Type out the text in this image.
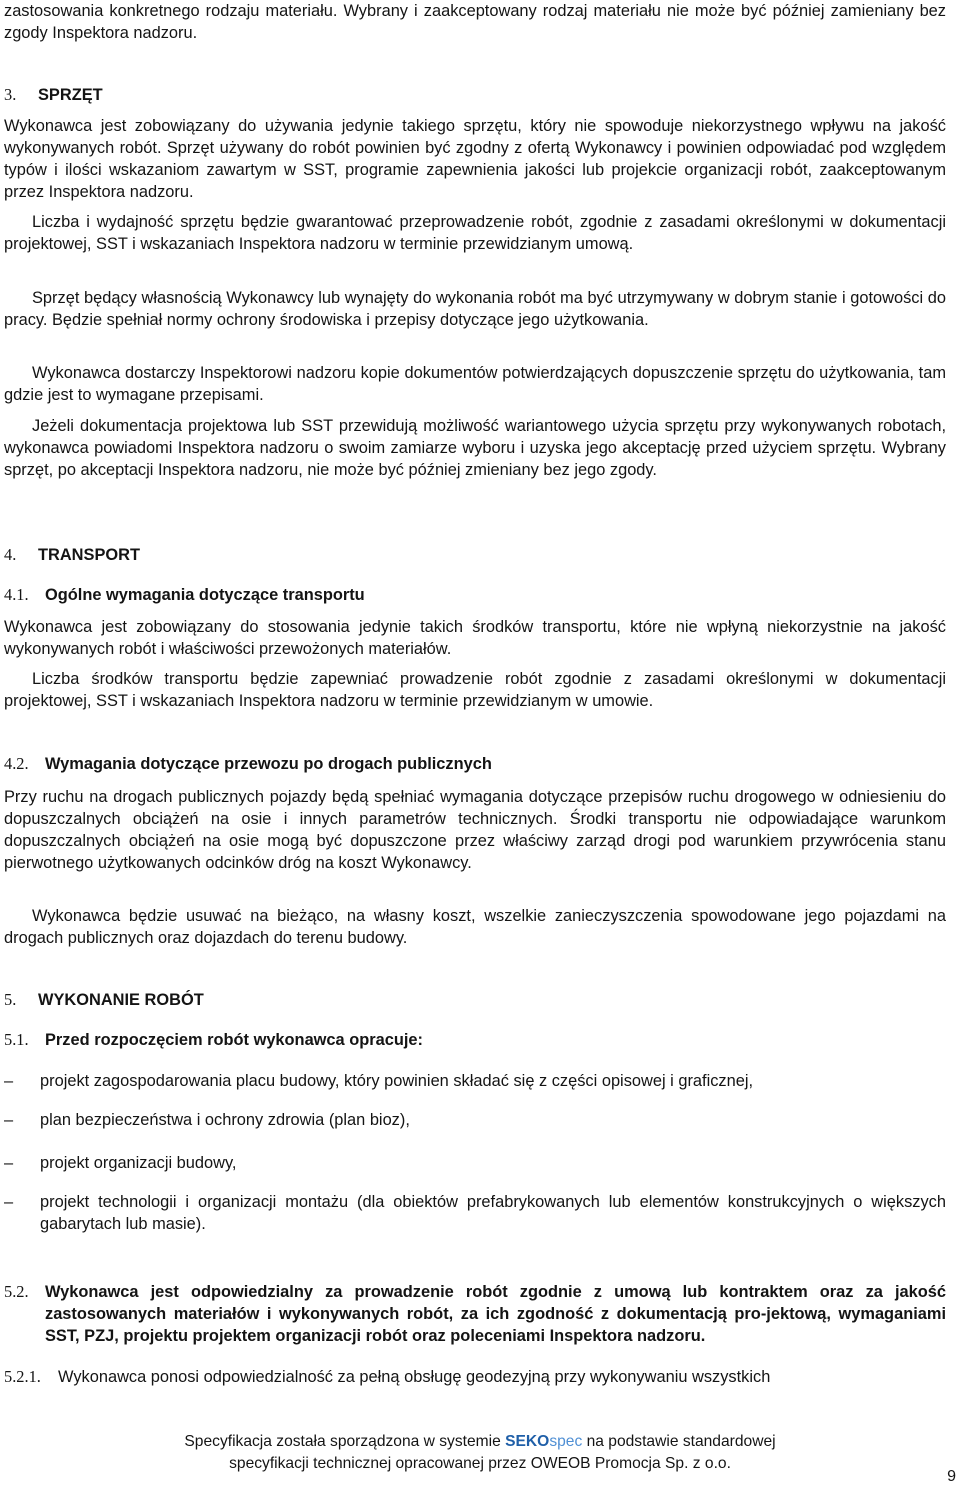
zastosowania konkretnego rodzaju materiału. Wybrany i zaakceptowany rodzaj materiału nie może być później zamieniany bez zgody Inspektora nadzoru.

3. SPRZĘT

Wykonawca jest zobowiązany do używania jedynie takiego sprzętu, który nie spowoduje niekorzystnego wpływu na jakość wykonywanych robót. Sprzęt używany do robót powinien być zgodny z ofertą Wykonawcy i powinien odpowiadać pod względem typów i ilości wskazaniom zawartym w SST, programie zapewnienia jakości lub projekcie organizacji robót, zaakceptowanym przez Inspektora nadzoru.

Liczba i wydajność sprzętu będzie gwarantować przeprowadzenie robót, zgodnie z zasadami określonymi w dokumentacji projektowej, SST i wskazaniach Inspektora nadzoru w terminie przewidzianym umową.

Sprzęt będący własnością Wykonawcy lub wynajęty do wykonania robót ma być utrzymywany w dobrym stanie i gotowości do pracy. Będzie spełniał normy ochrony środowiska i przepisy dotyczące jego użytkowania.

Wykonawca dostarczy Inspektorowi nadzoru kopie dokumentów potwierdzających dopuszczenie sprzętu do użytkowania, tam gdzie jest to wymagane przepisami.

Jeżeli dokumentacja projektowa lub SST przewidują możliwość wariantowego użycia sprzętu przy wykonywanych robotach, wykonawca powiadomi Inspektora nadzoru o swoim zamiarze wyboru i uzyska jego akceptację przed użyciem sprzętu. Wybrany sprzęt, po akceptacji Inspektora nadzoru, nie może być później zmieniany bez jego zgody.

4. TRANSPORT

4.1. Ogólne wymagania dotyczące transportu

Wykonawca jest zobowiązany do stosowania jedynie takich środków transportu, które nie wpłyną niekorzystnie na jakość wykonywanych robót i właściwości przewożonych materiałów.

Liczba środków transportu będzie zapewniać prowadzenie robót zgodnie z zasadami określonymi w dokumentacji projektowej, SST i wskazaniach Inspektora nadzoru w terminie przewidzianym w umowie.

4.2. Wymagania dotyczące przewozu po drogach publicznych

Przy ruchu na drogach publicznych pojazdy będą spełniać wymagania dotyczące przepisów ruchu drogowego w odniesieniu do dopuszczalnych obciążeń na osie i innych parametrów technicznych. Środki transportu nie odpowiadające warunkom dopuszczalnych obciążeń na osie mogą być dopuszczone przez właściwy zarząd drogi pod warunkiem przywrócenia stanu pierwotnego użytkowanych odcinków dróg na koszt Wykonawcy.

Wykonawca będzie usuwać na bieżąco, na własny koszt, wszelkie zanieczyszczenia spowodowane jego pojazdami na drogach publicznych oraz dojazdach do terenu budowy.

5. WYKONANIE ROBÓT

5.1. Przed rozpoczęciem robót wykonawca opracuje:

– projekt zagospodarowania placu budowy, który powinien składać się z części opisowej i graficznej,
– plan bezpieczeństwa i ochrony zdrowia (plan bioz),
– projekt organizacji budowy,
– projekt technologii i organizacji montażu (dla obiektów prefabrykowanych lub elementów konstrukcyjnych o większych gabarytach lub masie).
5.2.	Wykonawca jest odpowiedzialny za prowadzenie robót zgodnie z umową lub kontraktem oraz za jakość zastosowanych materiałów i wykonywanych robót, za ich zgodność z dokumentacją pro-jektową, wymaganiami SST, PZJ, projektu projektem organizacji robót oraz poleceniami Inspektora nadzoru.

5.2.1. Wykonawca ponosi odpowiedzialność za pełną obsługę geodezyjną przy wykonywaniu wszystkich

Specyfikacja została sporządzona w systemie SEKOspec na podstawie standardowej
specyfikacji technicznej opracowanej przez OWEOB Promocja Sp. z o.o.
9
